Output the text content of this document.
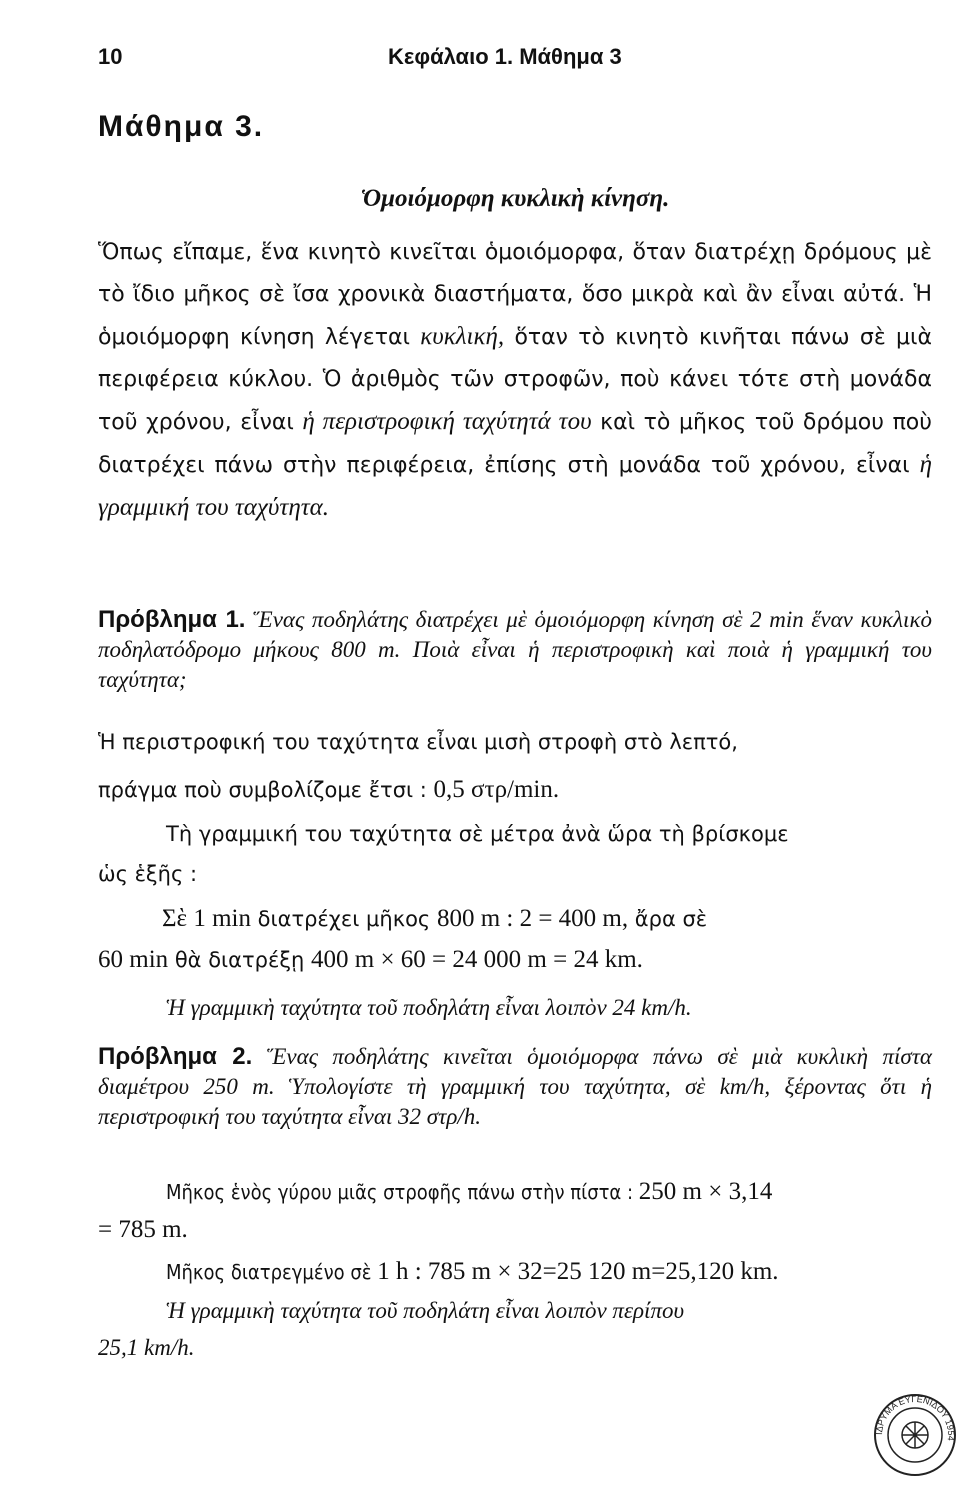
10	Κεφάλαιο 1. Μάθημα 3
Μάθημα 3.
Ὁμοιόμορφη κυκλικὴ κίνηση.

Ὅπως εἴπαμε, ἕνα κινητὸ κινεῖται ὁμοιόμορφα, ὅταν διατρέχῃ δρόμους μὲ τὸ ἴδιο μῆκος σὲ ἴσα χρονικὰ διαστήματα, ὅσο μικρὰ καὶ ἂν εἶναι αὐτά. Ἡ ὁμοιόμορφη κίνηση λέγεται κυκλική, ὅταν τὸ κινητὸ κινῆται πάνω σὲ μιὰ περιφέρεια κύκλου. Ὁ ἀριθμὸς τῶν στροφῶν, ποὺ κάνει τότε στὴ μονάδα τοῦ χρόνου, εἶναι ἡ περιστροφική ταχύτητά του καὶ τὸ μῆκος τοῦ δρόμου ποὺ διατρέχει πάνω στὴν περιφέρεια, ἐπίσης στὴ μονάδα τοῦ χρόνου, εἶναι ἡ γραμμική του ταχύτητα.

Πρόβλημα 1. Ἕνας ποδηλάτης διατρέχει μὲ ὁμοιόμορφη κίνηση σὲ 2 min ἕναν κυκλικὸ ποδηλατόδρομο μήκους 800 m. Ποιὰ εἶναι ἡ περιστροφικὴ καὶ ποιὰ ἡ γραμμική του ταχύτητα;

Ἡ περιστροφική του ταχύτητα εἶναι μισὴ στροφὴ στὸ λεπτό,

πράγμα ποὺ συμβολίζομε ἔτσι : 0,5 στρ/min.

Τὴ γραμμική του ταχύτητα σὲ μέτρα ἀνὰ ὥρα τὴ βρίσκομε

ὡς ἑξῆς :

Σὲ 1 min διατρέχει μῆκος 800 m : 2 = 400 m, ἄρα σὲ

60 min θὰ διατρέξῃ 400 m × 60 = 24 000 m = 24 km.

Ἡ γραμμικὴ ταχύτητα τοῦ ποδηλάτη εἶναι λοιπὸν 24 km/h.

Πρόβλημα 2. Ἕνας ποδηλάτης κινεῖται ὁμοιόμορφα πάνω σὲ μιὰ κυκλικὴ πίστα διαμέτρου 250 m. Ὑπολογίστε τὴ γραμμική του ταχύτητα, σὲ km/h, ξέροντας ὅτι ἡ περιστροφική του ταχύτητα εἶναι 32 στρ/h.

Μῆκος ἑνὸς γύρου μιᾶς στροφῆς πάνω στὴν πίστα : 250 m × 3,14

= 785 m.

Μῆκος διατρεγμένο σὲ 1 h : 785 m × 32=25 120 m=25,120 km.

Ἡ γραμμικὴ ταχύτητα τοῦ ποδηλάτη εἶναι λοιπὸν περίπου

25,1 km/h.

ΙΔΡΥΜΑ ΕΥΓΕΝΙΔΟΥ 1954
